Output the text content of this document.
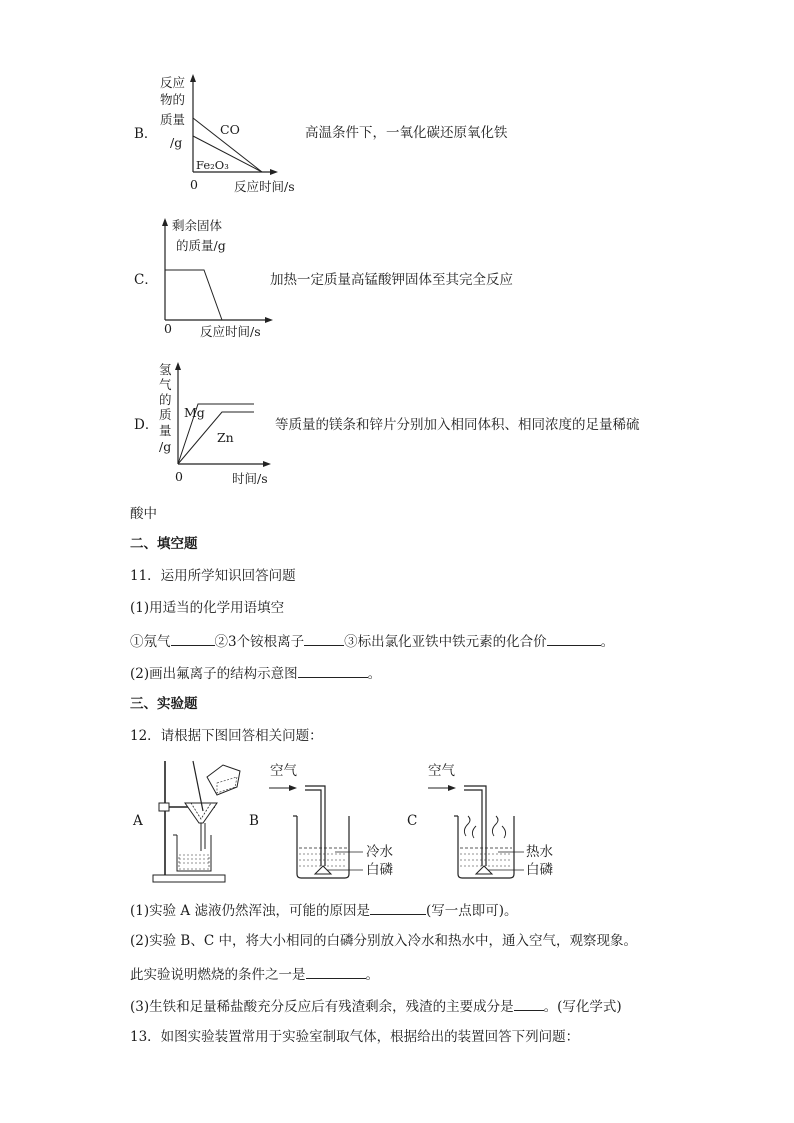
B．
反应
物的
质量
/g
CO
Fe₂O₃
0	反应时间/s
高温条件下，一氧化碳还原氧化铁
C．
剩余固体
的质量/g
0 反应时间/s
加热一定质量高锰酸钾固体至其完全反应
D．
氢
气
的
质
量
/g
Mg
Zn
0	时间/s
等质量的镁条和锌片分别加入相同体积、相同浓度的足量稀硫
酸中
二、填空题
11．运用所学知识回答问题
(1)用适当的化学用语填空
①氖气	②3个铵根离子	③标出氯化亚铁中铁元素的化合价	。
(2)画出氟离子的结构示意图	。
三、实验题
12．请根据下图回答相关问题：
A	B
空气
冷水
白磷
C
空气
热水
白磷
(1)实验 A 滤液仍然浑浊，可能的原因是	(写一点即可)。
(2)实验 B、C 中，将大小相同的白磷分别放入冷水和热水中，通入空气，观察现象。
此实验说明燃烧的条件之一是	。
(3)生铁和足量稀盐酸充分反应后有残渣剩余，残渣的主要成分是 。(写化学式)
13．如图实验装置常用于实验室制取气体，根据给出的装置回答下列问题：
